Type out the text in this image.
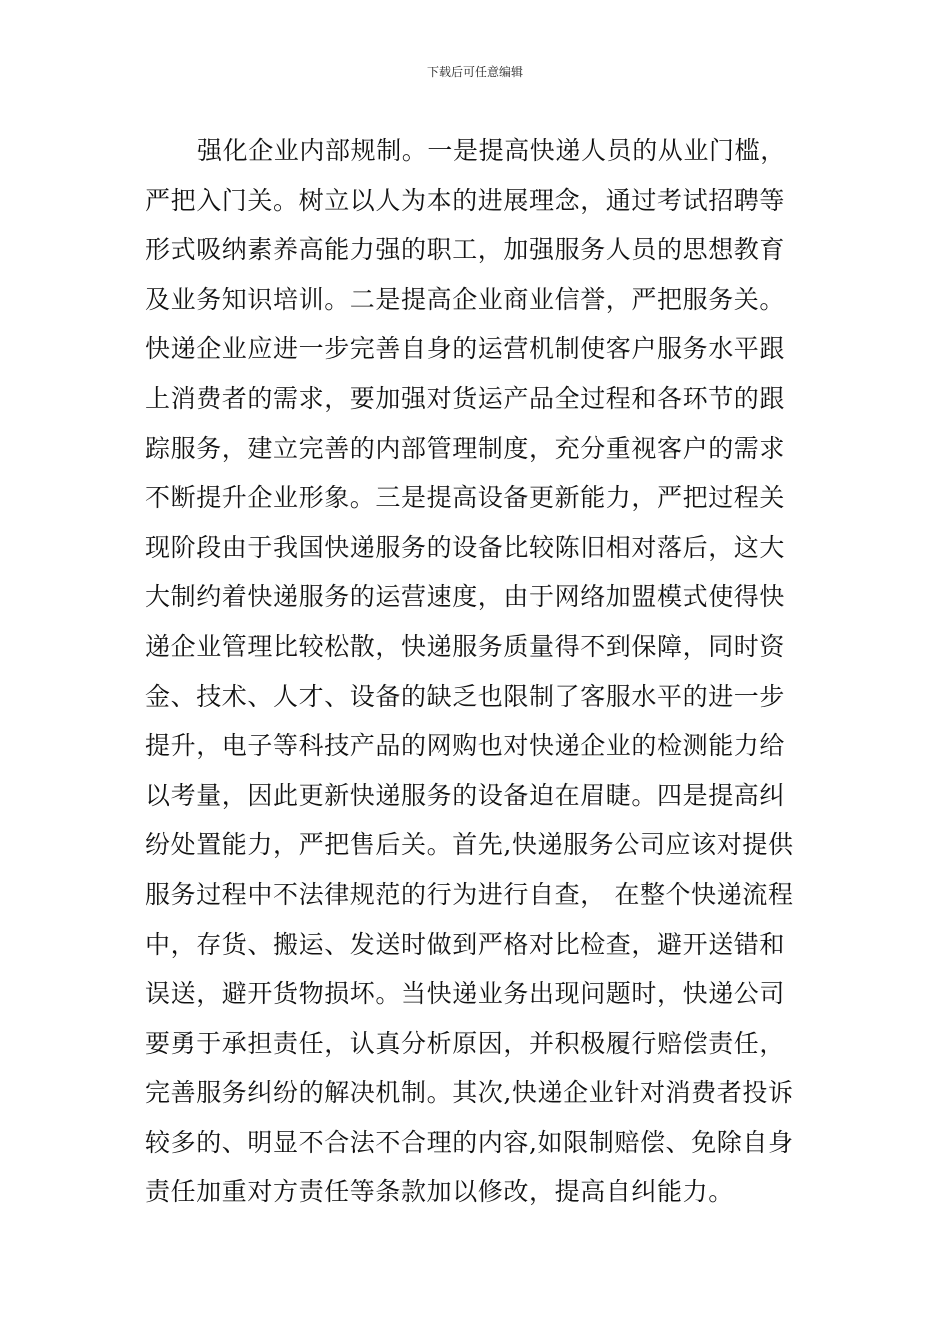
下载后可任意编辑
强化企业内部规制。一是提高快递人员的从业门槛，
严把入门关。树立以人为本的进展理念，通过考试招聘等
形式吸纳素养高能力强的职工，加强服务人员的思想教育
及业务知识培训。二是提高企业商业信誉，严把服务关。
快递企业应进一步完善自身的运营机制使客户服务水平跟
上消费者的需求，要加强对货运产品全过程和各环节的跟
踪服务，建立完善的内部管理制度，充分重视客户的需求
不断提升企业形象。三是提高设备更新能力，严把过程关
现阶段由于我国快递服务的设备比较陈旧相对落后，这大
大制约着快递服务的运营速度，由于网络加盟模式使得快
递企业管理比较松散，快递服务质量得不到保障，同时资
金、技术、人才、设备的缺乏也限制了客服水平的进一步
提升，电子等科技产品的网购也对快递企业的检测能力给
以考量，因此更新快递服务的设备迫在眉睫。四是提高纠
纷处置能力，严把售后关。首先,快递服务公司应该对提供
服务过程中不法律规范的行为进行自查， 在整个快递流程
中，存货、搬运、发送时做到严格对比检查，避开送错和
误送，避开货物损坏。当快递业务出现问题时，快递公司
要勇于承担责任，认真分析原因，并积极履行赔偿责任，
完善服务纠纷的解决机制。其次,快递企业针对消费者投诉
较多的、明显不合法不合理的内容,如限制赔偿、免除自身
责任加重对方责任等条款加以修改，提高自纠能力。
